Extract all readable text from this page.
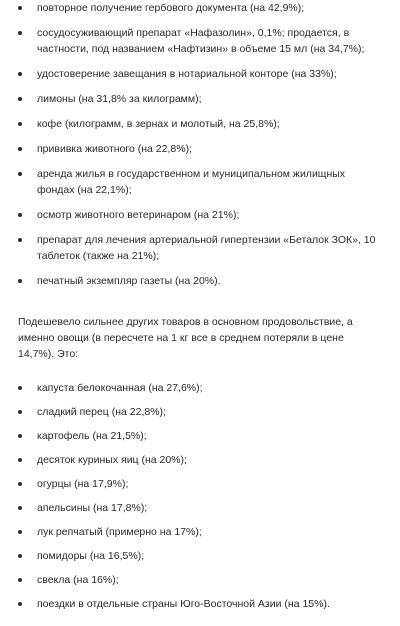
повторное получение гербового документа (на 42,9%);
сосудосуживающий препарат «Нафазолин», 0,1%; продается, в частности, под названием «Нафтизин» в объеме 15 мл (на 34,7%);
удостоверение завещания в нотариальной конторе (на 33%);
лимоны (на 31,8% за килограмм);
кофе (килограмм, в зернах и молотый, на 25,8%);
прививка животного (на 22,8%);
аренда жилья в государственном и муниципальном жилищных фондах (на 22,1%);
осмотр животного ветеринаром (на 21%);
препарат для лечения артериальной гипертензии «Беталок ЗОК», 10 таблеток (также на 21%);
печатный экземпляр газеты (на 20%).

Подешевело сильнее других товаров в основном продовольствие, а именно овощи (в пересчете на 1 кг все в среднем потеряли в цене 14,7%). Это:

капуста белокочанная (на 27,6%);
сладкий перец (на 22,8%);
картофель (на 21,5%);
десяток куриных яиц (на 20%);
огурцы (на 17,9%);
апельсины (на 17,8%);
лук репчатый (примерно на 17%);
помидоры (на 16,5%);
свекла (на 16%);
поездки в отдельные страны Юго-Восточной Азии (на 15%).
